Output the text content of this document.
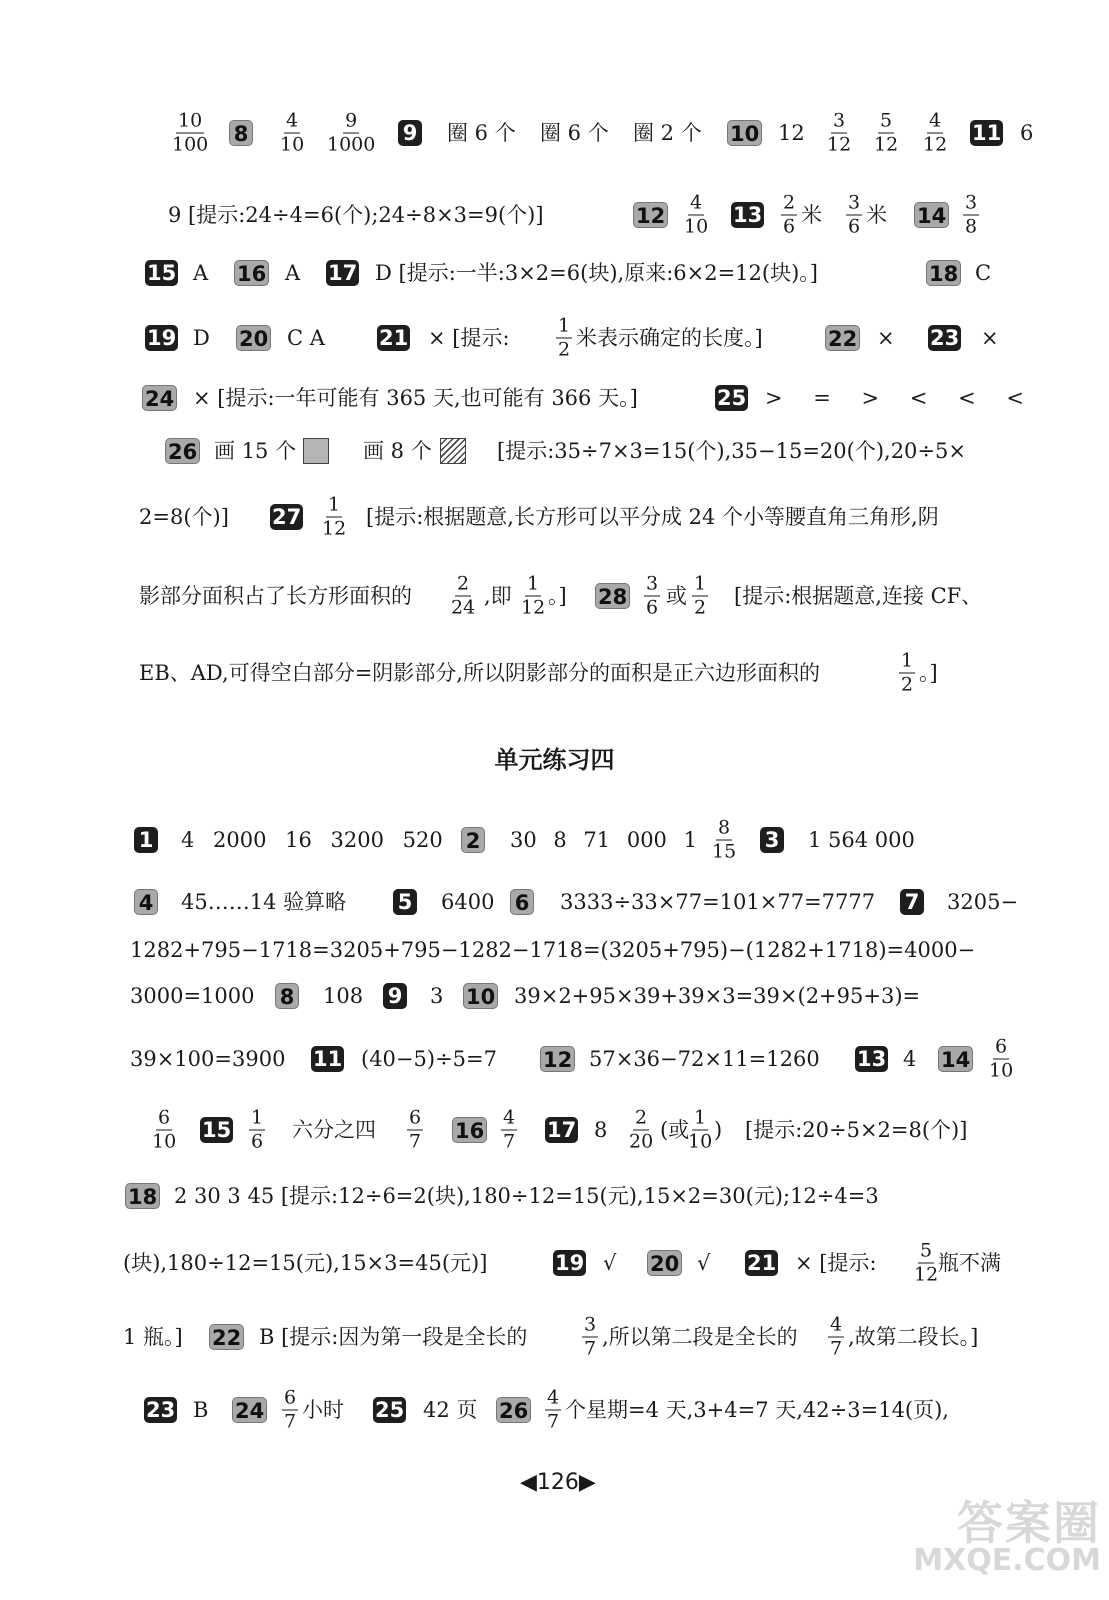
10
100 8
4
10
9
1000 9 圈 6 个 圈 6 个 圈 2 个 10 12
3
12
5
12
4
12 11 6
9 [提示:24÷4=6(个);24÷8×3=9(个)]	12
4
10 13
2
6 米
3
6 米 14
3
8
15 A 16 A 17 D [提示:一半:3×2=6(块),原来:6×2=12(块)。]	18 C
19 D 20 C A	21 × [提示:
1
2 米表示确定的长度。]	22 × 23 ×
24 × [提示:一年可能有 365 天,也可能有 366 天。]	25 > = > < < <
26 画 15 个	画 8 个	[提示:35÷7×3=15(个),35−15=20(个),20÷5×
2=8(个)] 27
1
12 [提示:根据题意,长方形可以平分成 24 个小等腰直角三角形,阴
影部分面积占了长方形面积的
2
24 ,即
1
12 。] 28
3
6 或
1
2 [提示:根据题意,连接 CF、
EB、AD,可得空白部分=阴影部分,所以阴影部分的面积是正六边形面积的
1
2 。]
单元练习四
1 4 2000 16 3200 520 2 30 8 71 000 1
8
15 3 1 564 000
4 45……14 验算略 5 6400 6 3333÷33×77=101×77=7777 7 3205−
1282+795−1718=3205+795−1282−1718=(3205+795)−(1282+1718)=4000−
3000=1000 8 108 9 3 10 39×2+95×39+39×3=39×(2+95+3)=
39×100=3900 11 (40−5)÷5=7 12 57×36−72×11=1260 13 4 14
6
10
6
10 15
1
6 六分之四
6
7 16
4
7 17 8
2
20 (或
1
10 ) [提示:20÷5×2=8(个)]
18 2 30 3 45 [提示:12÷6=2(块),180÷12=15(元),15×2=30(元);12÷4=3
(块),180÷12=15(元),15×3=45(元)]	19 √ 20 √ 21 × [提示:
5
12 瓶不满
1 瓶。] 22 B [提示:因为第一段是全长的
3
7 ,所以第二段是全长的
4
7 ,故第二段长。]
23 B 24
6
7 小时 25 42 页 26
4
7 个星期=4 天,3+4=7 天,42÷3=14(页),
◀126▶
答案圈
MXQE.COM
